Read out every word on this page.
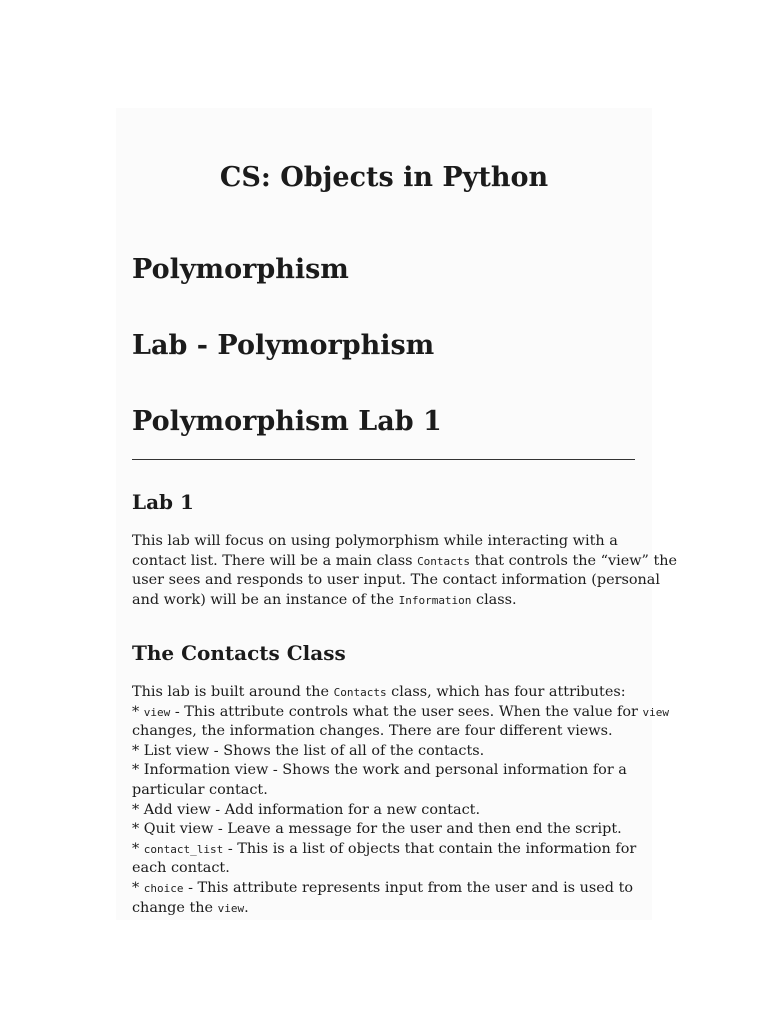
CS: Objects in Python
Polymorphism
Lab - Polymorphism
Polymorphism Lab 1
Lab 1
This lab will focus on using polymorphism while interacting with a
contact list. There will be a main class Contacts that controls the “view” the
user sees and responds to user input. The contact information (personal
and work) will be an instance of the Information class.
The Contacts Class
This lab is built around the Contacts class, which has four attributes:
* view - This attribute controls what the user sees. When the value for view
changes, the information changes. There are four different views.
* List view - Shows the list of all of the contacts.
* Information view - Shows the work and personal information for a
particular contact.
* Add view - Add information for a new contact.
* Quit view - Leave a message for the user and then end the script.
* contact_list - This is a list of objects that contain the information for
each contact.
* choice - This attribute represents input from the user and is used to
change the view.
